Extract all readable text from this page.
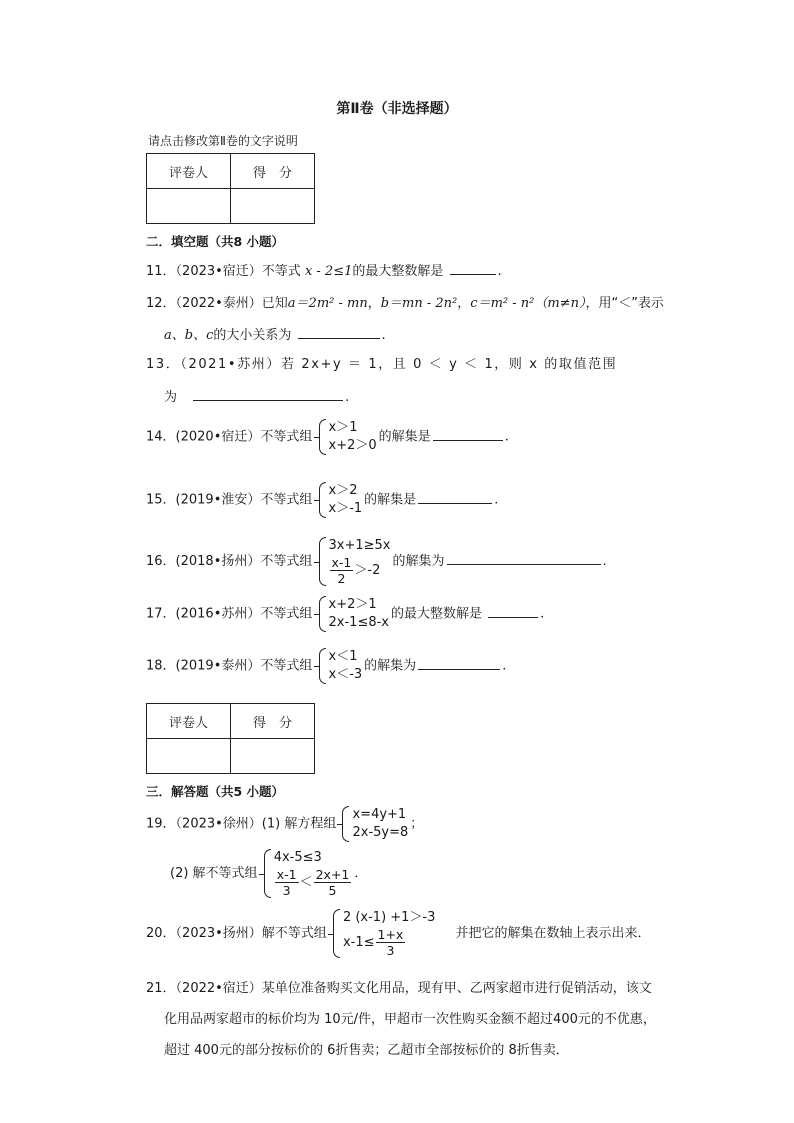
第Ⅱ卷（非选择题）
请点击修改第Ⅱ卷的文字说明
评卷人	得　分

二．填空题（共8 小题）
11．（2023•宿迁）不等式 x - 2≤1的最大整数解是	.
12．（2022•泰州）已知a＝2m² - mn，b＝mn - 2n²，c＝m² - n²（m≠n），用“＜”表示
a、b、c的大小关系为	.
13．（2021•苏州）若 2x+y ＝ 1，且 0 ＜ y ＜ 1，则 x 的取值范围
为	.
14．(2020•宿迁）不等式组
x＞1
x+2＞0
的解集是	.
15．(2019•淮安）不等式组
x＞2
x＞-1
的解集是	.
16．(2018•扬州）不等式组
3x+1≥5x
$\frac{x-1}{2} >-2$
的解集为	.
17．(2016•苏州）不等式组
x+2＞1
2x-1≤8-x
的最大整数解是	.
18．(2019•泰州）不等式组
x＜1
x＜-3
的解集为	.
评卷人	得　分

三．解答题（共5 小题）
19．（2023•徐州）(1) 解方程组
x=4y+1
2x-5y=8
；
(2) 解不等式组
4x-5≤3
$\frac{x-1}{3} < \frac{2x+1}{5}$ ．
20．（2023•扬州）解不等式组
2 (x-1) +1＞-3
$x-1\le \frac{1+x}{3}$	并把它的解集在数轴上表示出来．
21．（2022•宿迁）某单位准备购买文化用品，现有甲、乙两家超市进行促销活动，该文
化用品两家超市的标价均为 10元/件，甲超市一次性购买金额不超过400元的不优惠，
超过 400元的部分按标价的 6折售卖；乙超市全部按标价的 8折售卖．
